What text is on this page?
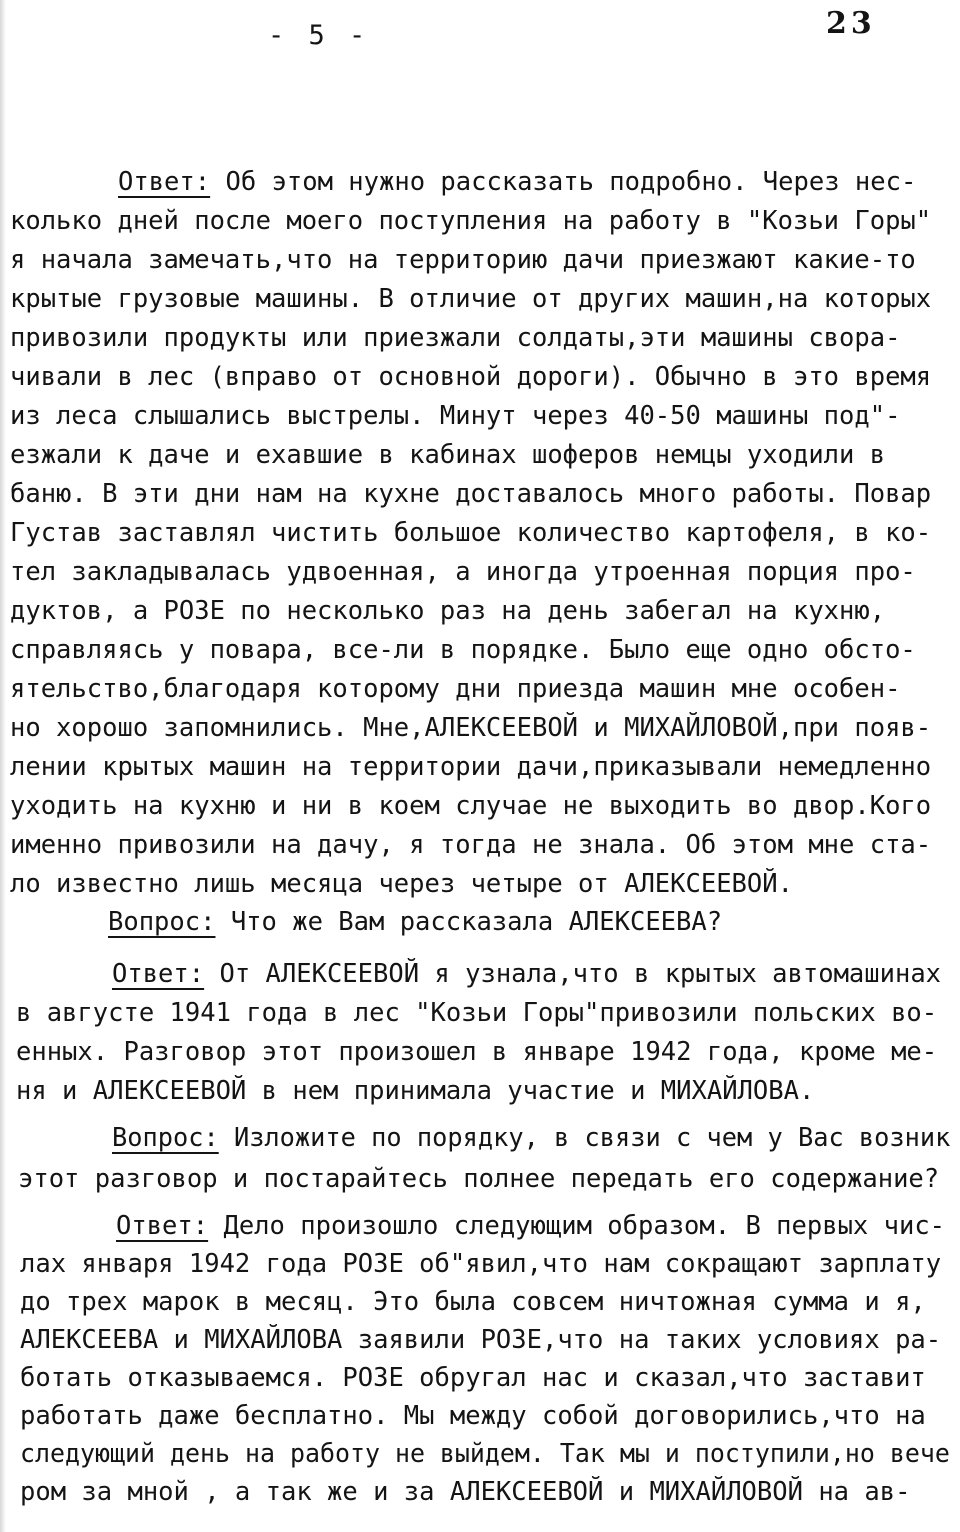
- 5 -	23
Ответ: Об этом нужно рассказать подробно. Через нес-
колько дней после моего поступления на работу в "Козьи Горы"
я начала замечать,что на территорию дачи приезжают какие-то
крытые грузовые машины. В отличие от других машин,на которых
привозили продукты или приезжали солдаты,эти машины свора-
чивали в лес (вправо от основной дороги). Обычно в это время
из леса слышались выстрелы. Минут через 40-50 машины под"-
езжали к даче и ехавшие в кабинах шоферов немцы уходили в
баню. В эти дни нам на кухне доставалось много работы. Повар
Густав заставлял чистить большое количество картофеля, в ко-
тел закладывалась удвоенная, а иногда утроенная порция про-
дуктов, а РОЗЕ по несколько раз на день забегал на кухню,
справляясь у повара, все-ли в порядке. Было еще одно обсто-
ятельство,благодаря которому дни приезда машин мне особен-
но хорошо запомнились. Мне,АЛЕКСЕЕВОЙ и МИХАЙЛОВОЙ,при появ-
лении крытых машин на территории дачи,приказывали немедленно
уходить на кухню и ни в коем случае не выходить во двор.Кого
именно привозили на дачу, я тогда не знала. Об этом мне ста-
ло известно лишь месяца через четыре от АЛЕКСЕЕВОЙ.
Вопрос: Что же Вам рассказала АЛЕКСЕЕВА?
Ответ: От АЛЕКСЕЕВОЙ я узнала,что в крытых автомашинах
в августе 1941 года в лес "Козьи Горы"привозили польских во-
енных. Разговор этот произошел в январе 1942 года, кроме ме-
ня и АЛЕКСЕЕВОЙ в нем принимала участие и МИХАЙЛОВА.
Вопрос: Изложите по порядку, в связи с чем у Вас возник
этот разговор и постарайтесь полнее передать его содержание?
Ответ: Дело произошло следующим образом. В первых чис-
лах января 1942 года РОЗЕ об"явил,что нам сокращают зарплату
до трех марок в месяц. Это была совсем ничтожная сумма и я,
АЛЕКСЕЕВА и МИХАЙЛОВА заявили РОЗЕ,что на таких условиях ра-
ботать отказываемся. РОЗЕ обругал нас и сказал,что заставит
работать даже бесплатно. Мы между собой договорились,что на
следующий день на работу не выйдем. Так мы и поступили,но вече
ром за мной , а так же и за АЛЕКСЕЕВОЙ и МИХАЙЛОВОЙ на ав-
